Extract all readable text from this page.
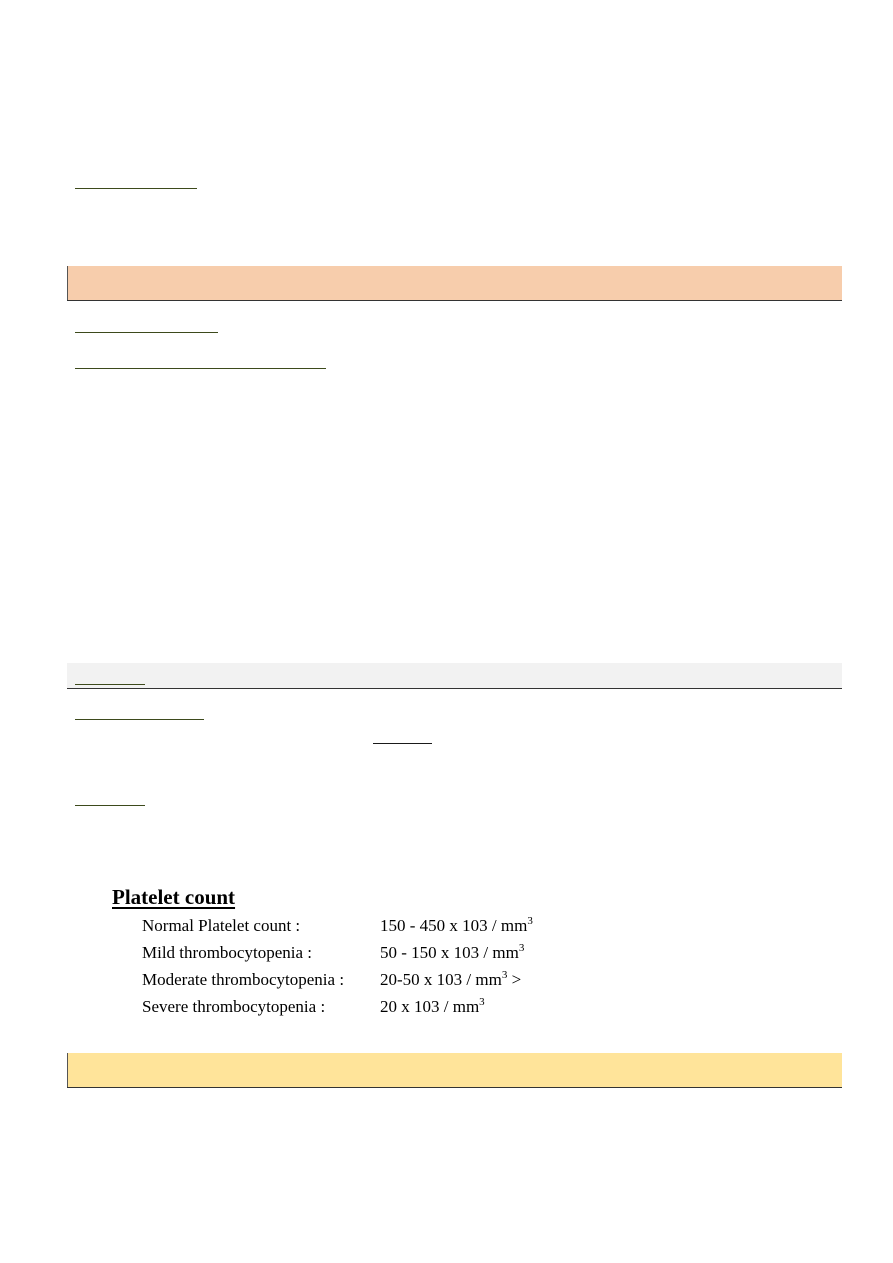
Platelet count
Normal Platelet count :	150 - 450 x $103 / mm^3$
Mild thrombocytopenia :	50 - 150 x $103 / mm^3$
Moderate thrombocytopenia : 20-50 x $103 / mm^3$ >
Severe thrombocytopenia :	20 x $103 / mm^3$
